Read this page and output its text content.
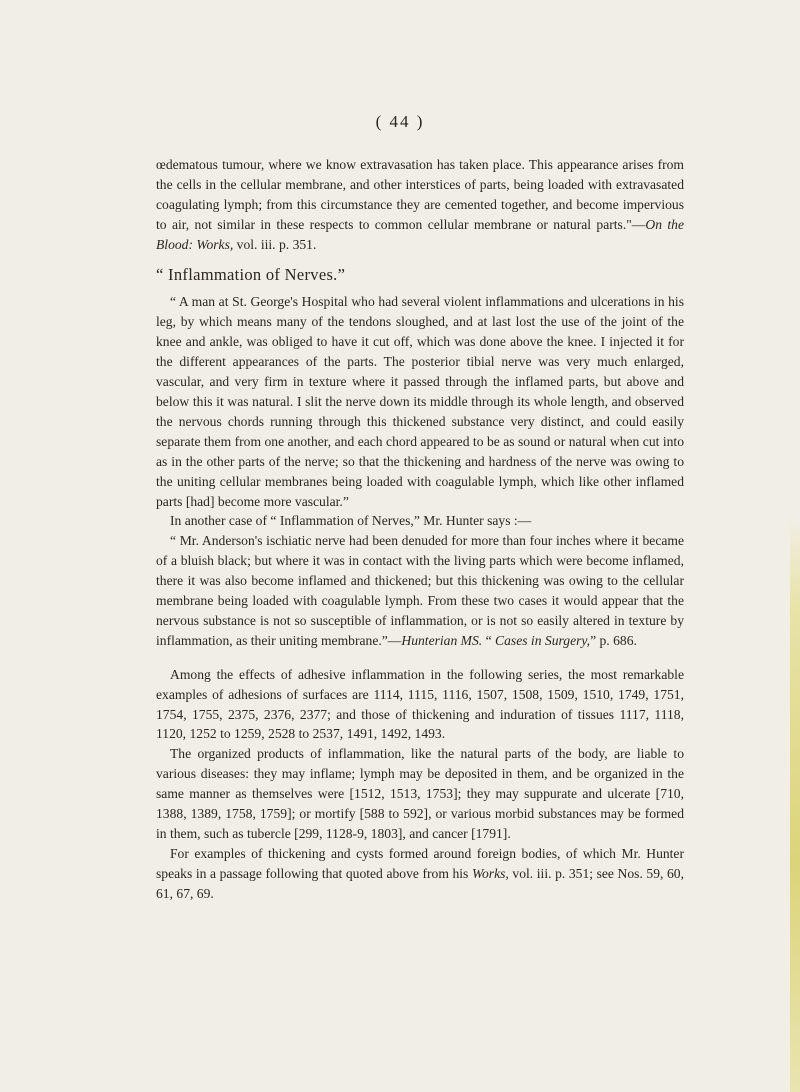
( 44 )

œdematous tumour, where we know extravasation has taken place. This appearance arises from the cells in the cellular membrane, and other interstices of parts, being loaded with extravasated coagulating lymph; from this circumstance they are cemented together, and become impervious to air, not similar in these respects to common cellular membrane or natural parts."—On the Blood: Works, vol. iii. p. 351.

“ Inflammation of Nerves.”

“ A man at St. George's Hospital who had several violent inflammations and ulcerations in his leg, by which means many of the tendons sloughed, and at last lost the use of the joint of the knee and ankle, was obliged to have it cut off, which was done above the knee. I injected it for the different appearances of the parts. The posterior tibial nerve was very much enlarged, vascular, and very firm in texture where it passed through the inflamed parts, but above and below this it was natural. I slit the nerve down its middle through its whole length, and observed the nervous chords running through this thickened substance very distinct, and could easily separate them from one another, and each chord appeared to be as sound or natural when cut into as in the other parts of the nerve; so that the thickening and hardness of the nerve was owing to the uniting cellular membranes being loaded with coagulable lymph, which like other inflamed parts [had] become more vascular.”

In another case of “ Inflammation of Nerves,” Mr. Hunter says :—

“ Mr. Anderson's ischiatic nerve had been denuded for more than four inches where it became of a bluish black; but where it was in contact with the living parts which were become inflamed, there it was also become inflamed and thickened; but this thickening was owing to the cellular membrane being loaded with coagulable lymph. From these two cases it would appear that the nervous substance is not so susceptible of inflammation, or is not so easily altered in texture by inflammation, as their uniting membrane.”—Hunterian MS. “ Cases in Surgery,” p. 686.

Among the effects of adhesive inflammation in the following series, the most remarkable examples of adhesions of surfaces are 1114, 1115, 1116, 1507, 1508, 1509, 1510, 1749, 1751, 1754, 1755, 2375, 2376, 2377; and those of thickening and induration of tissues 1117, 1118, 1120, 1252 to 1259, 2528 to 2537, 1491, 1492, 1493.

The organized products of inflammation, like the natural parts of the body, are liable to various diseases: they may inflame; lymph may be deposited in them, and be organized in the same manner as themselves were [1512, 1513, 1753]; they may suppurate and ulcerate [710, 1388, 1389, 1758, 1759]; or mortify [588 to 592], or various morbid substances may be formed in them, such as tubercle [299, 1128-9, 1803], and cancer [1791].

For examples of thickening and cysts formed around foreign bodies, of which Mr. Hunter speaks in a passage following that quoted above from his Works, vol. iii. p. 351; see Nos. 59, 60, 61, 67, 69.
